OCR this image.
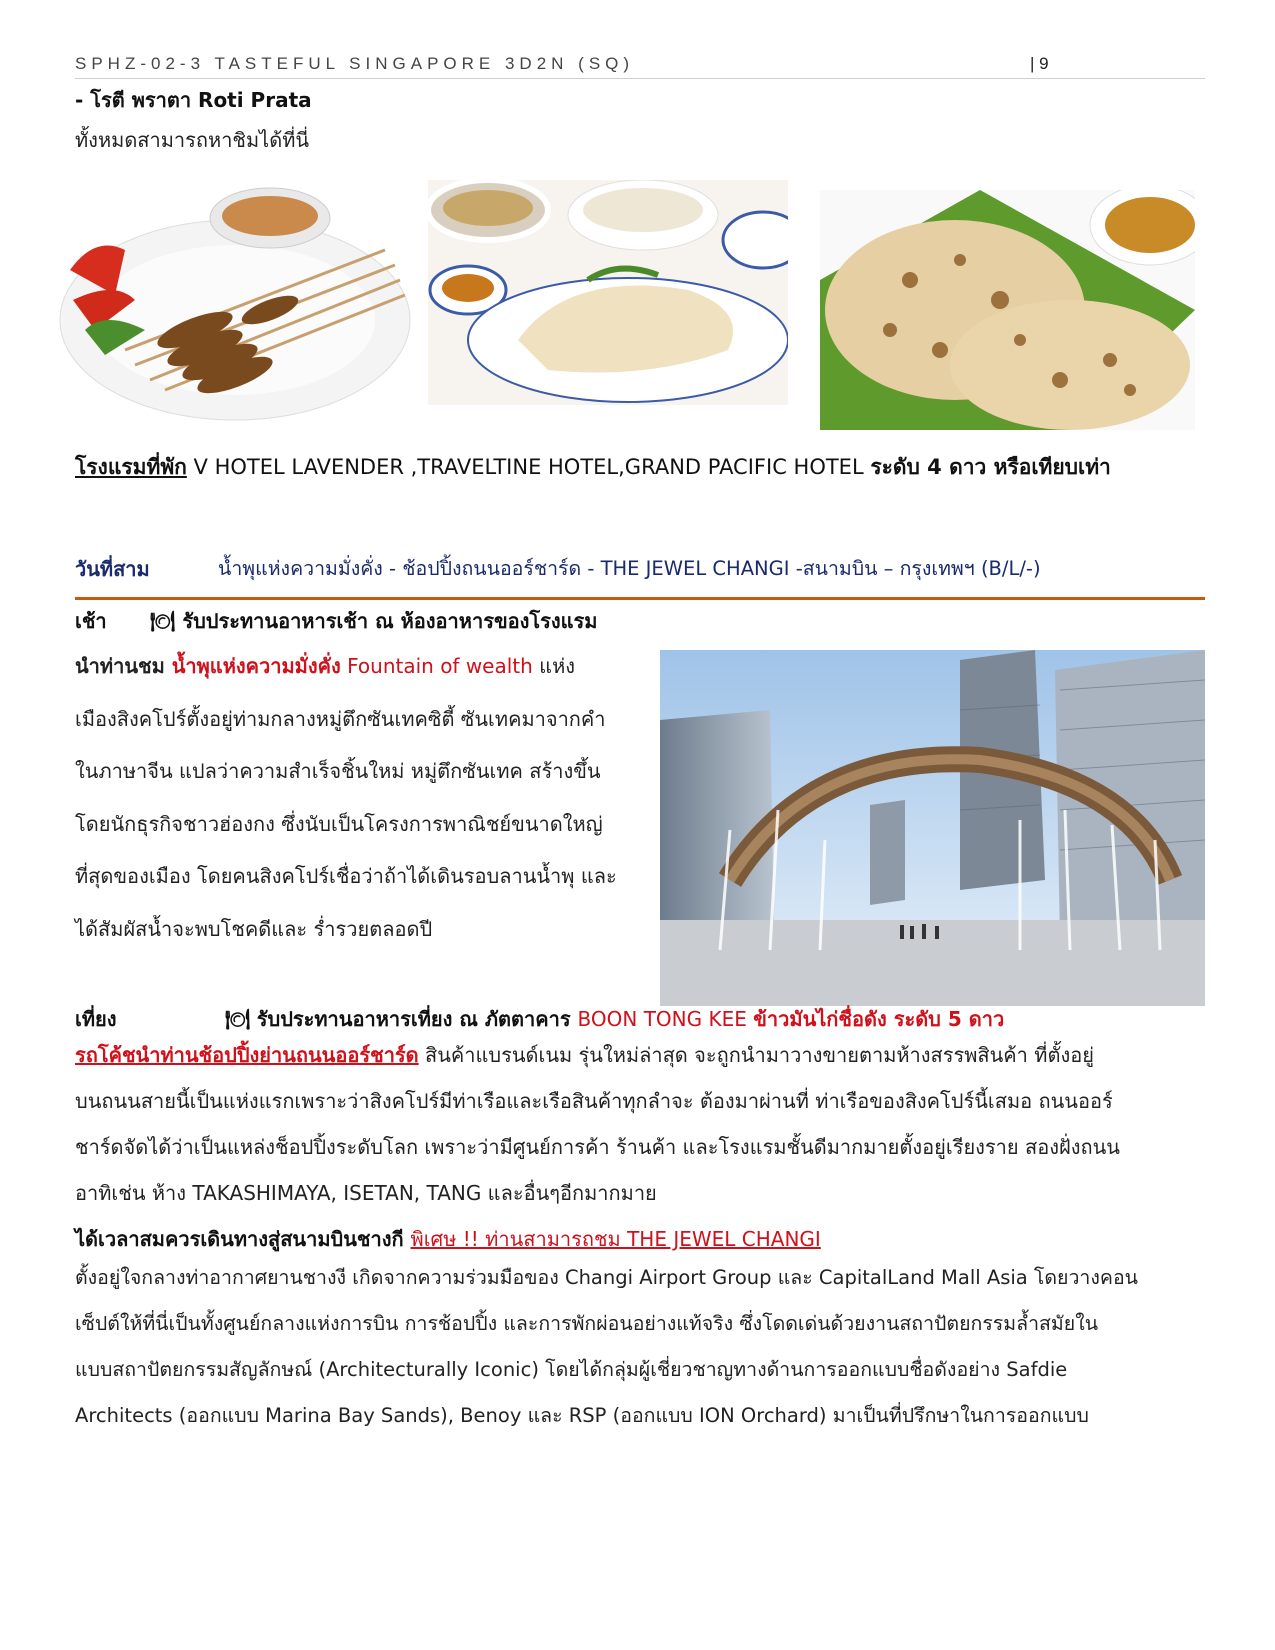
SPHZ-02-3 TASTEFUL SINGAPORE 3D2N (SQ)	| 9
- โรตี พราตา Roti Prata
ทั้งหมดสามารถหาชิมได้ที่นี่
โรงแรมที่พัก V HOTEL LAVENDER ,TRAVELTINE HOTEL,GRAND PACIFIC HOTEL ระดับ 4 ดาว หรือเทียบเท่า
วันที่สาม	น้ำพุแห่งความมั่งคั่ง - ช้อปปิ้งถนนออร์ชาร์ด - THE JEWEL CHANGI -สนามบิน – กรุงเทพฯ (B/L/-)
เช้า 🍽 รับประทานอาหารเช้า ณ ห้องอาหารของโรงแรม
นำท่านชม น้ำพุแห่งความมั่งคั่ง Fountain of wealth แห่ง
เมืองสิงคโปร์ตั้งอยู่ท่ามกลางหมู่ตึกซันเทคซิตี้ ซันเทคมาจากคำ
ในภาษาจีน แปลว่าความสำเร็จชิ้นใหม่ หมู่ตึกซันเทค สร้างขึ้น
โดยนักธุรกิจชาวฮ่องกง ซึ่งนับเป็นโครงการพาณิชย์ขนาดใหญ่
ที่สุดของเมือง โดยคนสิงคโปร์เชื่อว่าถ้าได้เดินรอบลานน้ำพุ และ
ได้สัมผัสน้ำจะพบโชคดีและ ร่ำรวยตลอดปี
เที่ยง	🍽 รับประทานอาหารเที่ยง ณ ภัตตาคาร BOON TONG KEE ข้าวมันไก่ชื่อดัง ระดับ 5 ดาว
รถโค้ชนำท่านช้อปปิ้งย่านถนนออร์ชาร์ด สินค้าแบรนด์เนม รุ่นใหม่ล่าสุด จะถูกนำมาวางขายตามห้างสรรพสินค้า ที่ตั้งอยู่
บนถนนสายนี้เป็นแห่งแรกเพราะว่าสิงคโปร์มีท่าเรือและเรือสินค้าทุกลำจะ ต้องมาผ่านที่ ท่าเรือของสิงคโปร์นี้เสมอ ถนนออร์
ชาร์ดจัดได้ว่าเป็นแหล่งช็อปปิ้งระดับโลก เพราะว่ามีศูนย์การค้า ร้านค้า และโรงแรมชั้นดีมากมายตั้งอยู่เรียงราย สองฝั่งถนน
อาทิเช่น ห้าง TAKASHIMAYA, ISETAN, TANG และอื่นๆอีกมากมาย
ได้เวลาสมควรเดินทางสู่สนามบินชางกี พิเศษ !! ท่านสามารถชม THE JEWEL CHANGI
ตั้งอยู่ใจกลางท่าอากาศยานชางงี เกิดจากความร่วมมือของ Changi Airport Group และ CapitalLand Mall Asia โดยวางคอน
เซ็ปต์ให้ที่นี่เป็นทั้งศูนย์กลางแห่งการบิน การช้อปปิ้ง และการพักผ่อนอย่างแท้จริง ซึ่งโดดเด่นด้วยงานสถาปัตยกรรมล้ำสมัยใน
แบบสถาปัตยกรรมสัญลักษณ์ (Architecturally Iconic) โดยได้กลุ่มผู้เชี่ยวชาญทางด้านการออกแบบชื่อดังอย่าง Safdie
Architects (ออกแบบ Marina Bay Sands), Benoy และ RSP (ออกแบบ ION Orchard) มาเป็นที่ปรึกษาในการออกแบบ
